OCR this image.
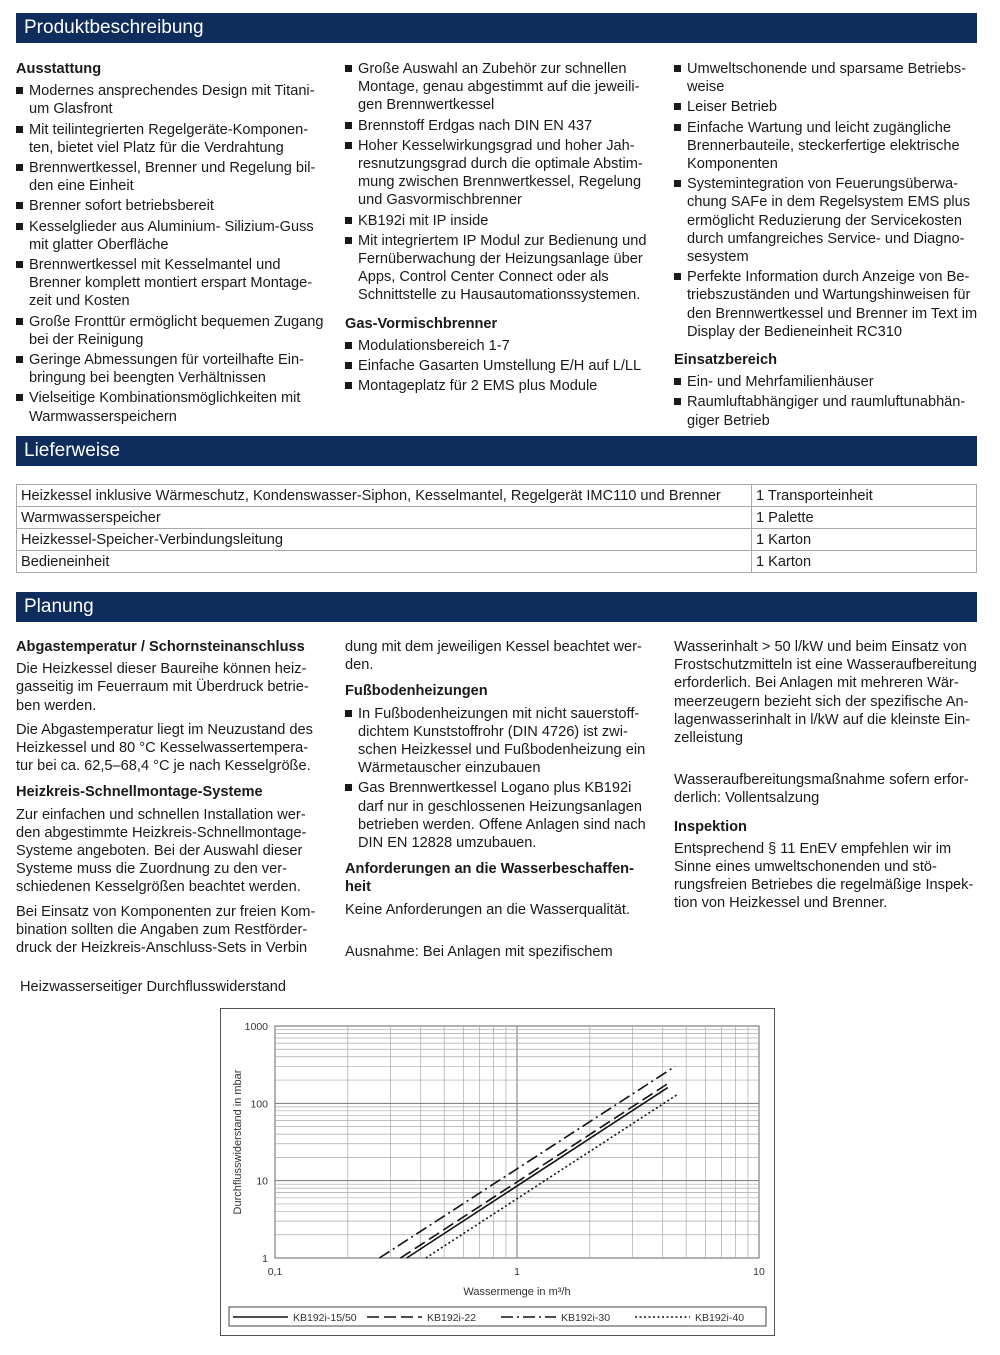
Produktbeschreibung
Ausstattung
Modernes ansprechendes Design mit Titanium Glasfront
Mit teilintegrierten Regelgeräte-Komponenten, bietet viel Platz für die Verdrahtung
Brennwertkessel, Brenner und Regelung bilden eine Einheit
Brenner sofort betriebsbereit
Kesselglieder aus Aluminium- Silizium-Guss mit glatter Oberfläche
Brennwertkessel mit Kesselmantel und Brenner komplett montiert erspart Montagezeit und Kosten
Große Fronttür ermöglicht bequemen Zugang bei der Reinigung
Geringe Abmessungen für vorteilhafte Einbringung bei beengten Verhältnissen
Vielseitige Kombinationsmöglichkeiten mit Warmwasserspeichern
Große Auswahl an Zubehör zur schnellen Montage, genau abgestimmt auf die jeweiligen Brennwertkessel
Brennstoff Erdgas nach DIN EN 437
Hoher Kesselwirkungsgrad und hoher Jahresnutzungsgrad durch die optimale Abstimmung zwischen Brennwertkessel, Regelung und Gasvormischbrenner
KB192i mit IP inside
Mit integriertem IP Modul zur Bedienung und Fernüberwachung der Heizungsanlage über Apps, Control Center Connect oder als Schnittstelle zu Hausautomationssystemen.
Gas-Vormischbrenner
Modulationsbereich 1-7
Einfache Gasarten Umstellung E/H auf L/LL
Montageplatz für 2 EMS plus Module
Umweltschonende und sparsame Betriebsweise
Leiser Betrieb
Einfache Wartung und leicht zugängliche Brennerbauteile, steckerfertige elektrische Komponenten
Systemintegration von Feuerungsüberwachung SAFe in dem Regelsystem EMS plus ermöglicht Reduzierung der Servicekosten durch umfangreiches Service- und Diagnosesystem
Perfekte Information durch Anzeige von Betriebszuständen und Wartungshinweisen für den Brennwertkessel und Brenner im Text im Display der Bedieneinheit RC310
Einsatzbereich
Ein- und Mehrfamilienhäuser
Raumluftabhängiger und raumluftunabhängiger Betrieb
Lieferweise
Heizkessel inklusive Wärmeschutz, Kondenswasser-Siphon, Kesselmantel, Regelgerät IMC110 und Brenner	1 Transporteinheit
Warmwasserspeicher	1 Palette
Heizkessel-Speicher-Verbindungsleitung	1 Karton
Bedieneinheit	1 Karton
Planung
Abgastemperatur / Schornsteinanschluss

Die Heizkessel dieser Baureihe können heizgasseitig im Feuerraum mit Überdruck betrieben werden.

Die Abgastemperatur liegt im Neuzustand des Heizkessel und 80 °C Kesselwassertemperatur bei ca. 62,5–68,4 °C je nach Kesselgröße.

Heizkreis-Schnellmontage-Systeme

Zur einfachen und schnellen Installation werden abgestimmte Heizkreis-Schnellmontage-Systeme angeboten. Bei der Auswahl dieser Systeme muss die Zuordnung zu den verschiedenen Kesselgrößen beachtet werden.

Bei Einsatz von Komponenten zur freien Kombination sollten die Angaben zum Restförderdruck der Heizkreis-Anschluss-Sets in Verbin

dung mit dem jeweiligen Kessel beachtet werden.

Fußbodenheizungen
In Fußbodenheizungen mit nicht sauerstoffdichtem Kunststoffrohr (DIN 4726) ist zwischen Heizkessel und Fußbodenheizung ein Wärmetauscher einzubauen
Gas Brennwertkessel Logano plus KB192i darf nur in geschlossenen Heizungsanlagen betrieben werden. Offene Anlagen sind nach DIN EN 12828 umzubauen.
Anforderungen an die Wasserbeschaffenheit

Keine Anforderungen an die Wasserqualität.

Ausnahme: Bei Anlagen mit spezifischem

Wasserinhalt > 50 l/kW und beim Einsatz von Frostschutzmitteln ist eine Wasseraufbereitung erforderlich. Bei Anlagen mit mehreren Wärmeerzeugern bezieht sich der spezifische Anlagenwasserinhalt in l/kW auf die kleinste Einzelleistung

Wasseraufbereitungsmaßnahme sofern erforderlich: Vollentsalzung

Inspektion

Entsprechend § 11 EnEV empfehlen wir im Sinne eines umweltschonenden und störungsfreien Betriebes die regelmäßige Inspektion von Heizkessel und Brenner.

Heizwasserseitiger Durchflusswiderstand
0,1	1	10
1
10
100
1000
Wassermenge in m³/h
Durchflusswiderstand in mbar
KB192i-15/50	KB192i-22	KB192i-30	KB192i-40
